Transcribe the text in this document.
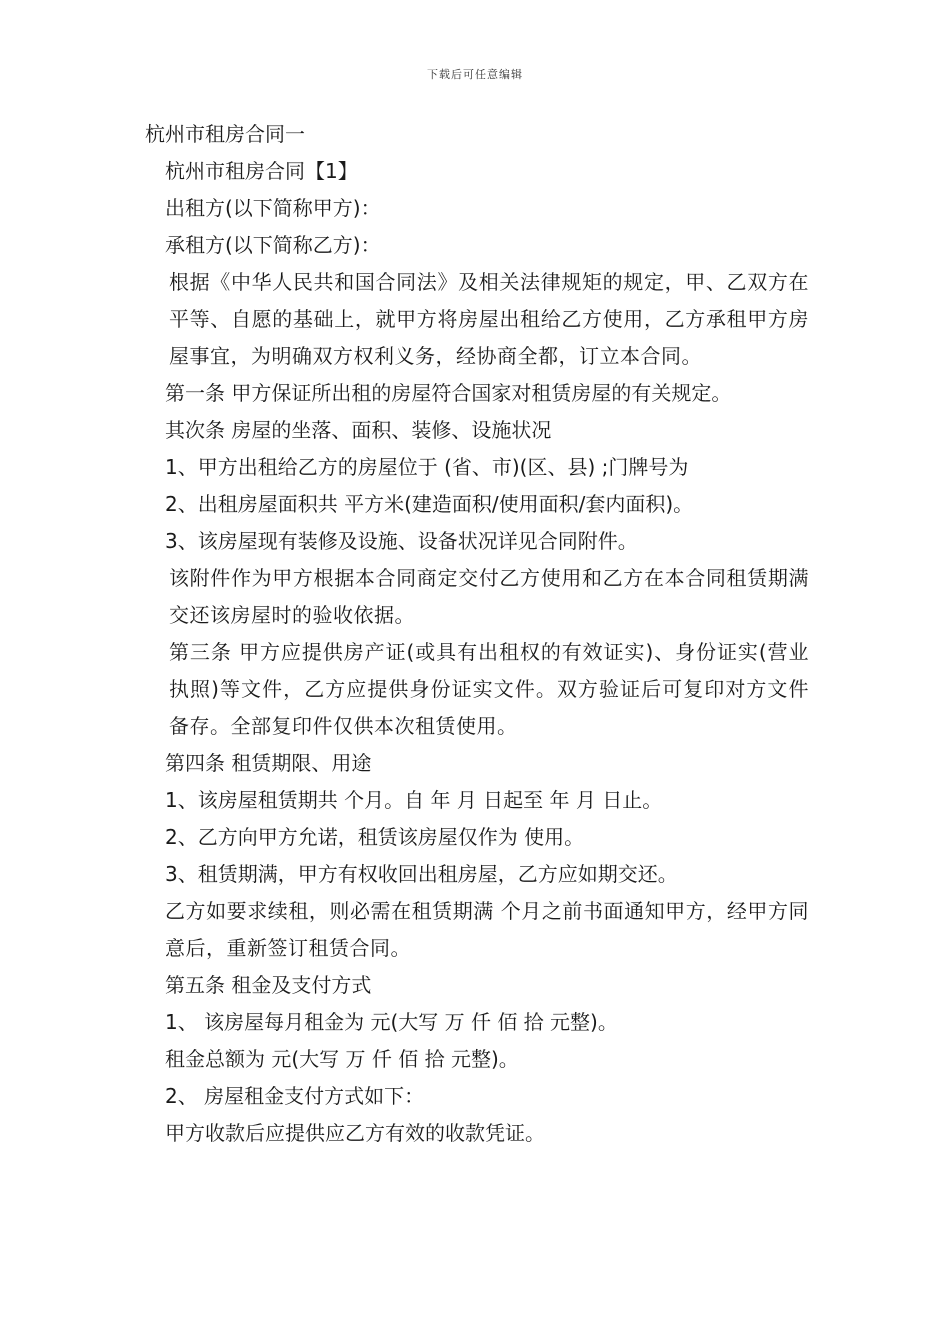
下载后可任意编辑
杭州市租房合同一
杭州市租房合同【1】
出租方(以下简称甲方)：
承租方(以下简称乙方)：
根据《中华人民共和国合同法》及相关法律规矩的规定，甲、乙双方在平等、自愿的基础上，就甲方将房屋出租给乙方使用，乙方承租甲方房屋事宜，为明确双方权利义务，经协商全都，订立本合同。
第一条 甲方保证所出租的房屋符合国家对租赁房屋的有关规定。
其次条 房屋的坐落、面积、装修、设施状况
1、甲方出租给乙方的房屋位于 (省、市)(区、县) ;门牌号为
2、出租房屋面积共 平方米(建造面积/使用面积/套内面积)。
3、该房屋现有装修及设施、设备状况详见合同附件。
该附件作为甲方根据本合同商定交付乙方使用和乙方在本合同租赁期满交还该房屋时的验收依据。
第三条 甲方应提供房产证(或具有出租权的有效证实)、身份证实(营业执照)等文件，乙方应提供身份证实文件。双方验证后可复印对方文件备存。全部复印件仅供本次租赁使用。
第四条 租赁期限、用途
1、该房屋租赁期共 个月。自 年 月 日起至 年 月 日止。
2、乙方向甲方允诺，租赁该房屋仅作为 使用。
3、租赁期满，甲方有权收回出租房屋，乙方应如期交还。
乙方如要求续租，则必需在租赁期满 个月之前书面通知甲方，经甲方同意后，重新签订租赁合同。
第五条 租金及支付方式
1、 该房屋每月租金为 元(大写 万 仟 佰 拾 元整)。
租金总额为 元(大写 万 仟 佰 拾 元整)。
2、 房屋租金支付方式如下：
甲方收款后应提供应乙方有效的收款凭证。
